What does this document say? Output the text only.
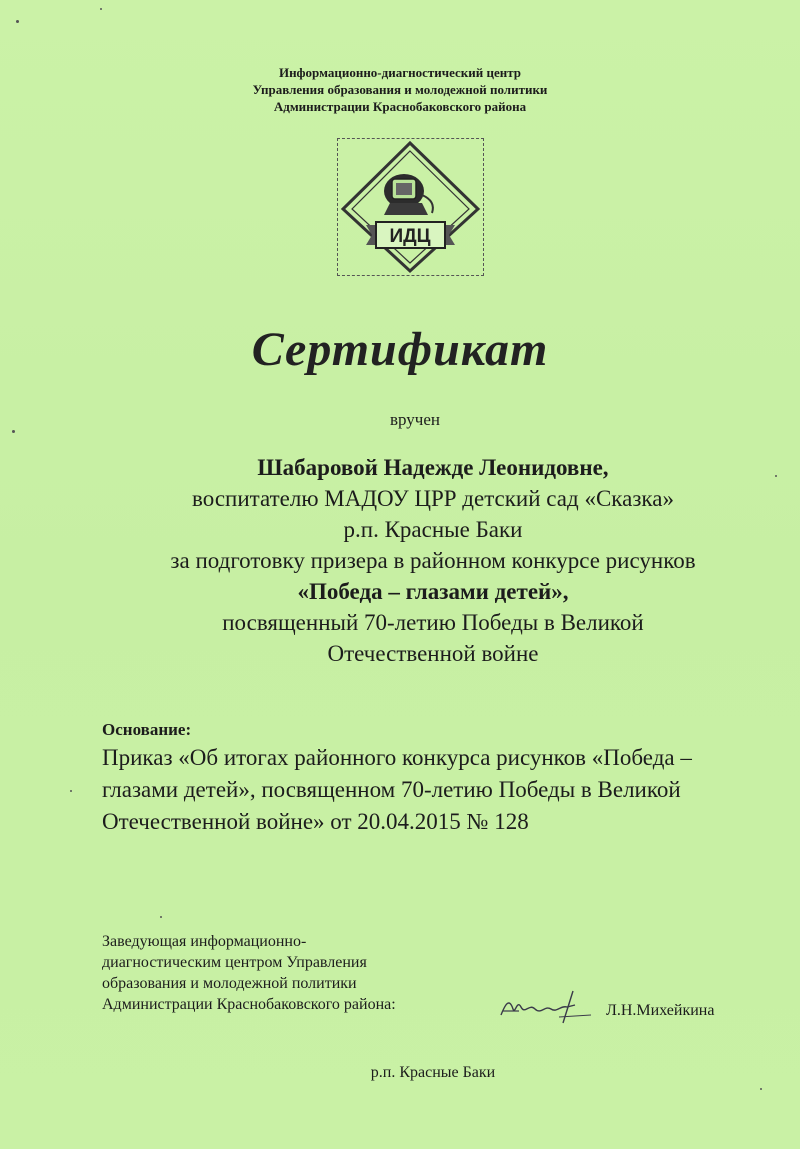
Информационно-диагностический центр
Управления образования и молодежной политики
Администрации Краснобаковского района
ИДЦ
Сертификат
вручен
Шабаровой Надежде Леонидовне,
воспитателю МАДОУ ЦРР детский сад «Сказка»
р.п. Красные Баки
за подготовку призера в районном конкурсе рисунков
«Победа – глазами детей»,
посвященный 70-летию Победы в Великой
Отечественной войне
Основание:
Приказ «Об итогах районного конкурса рисунков «Победа –
глазами детей», посвященном 70-летию Победы в Великой
Отечественной войне» от 20.04.2015 № 128
Заведующая информационно-
диагностическим центром Управления
образования и молодежной политики
Администрации Краснобаковского района:	Л.Н.Михейкина
р.п. Красные Баки
